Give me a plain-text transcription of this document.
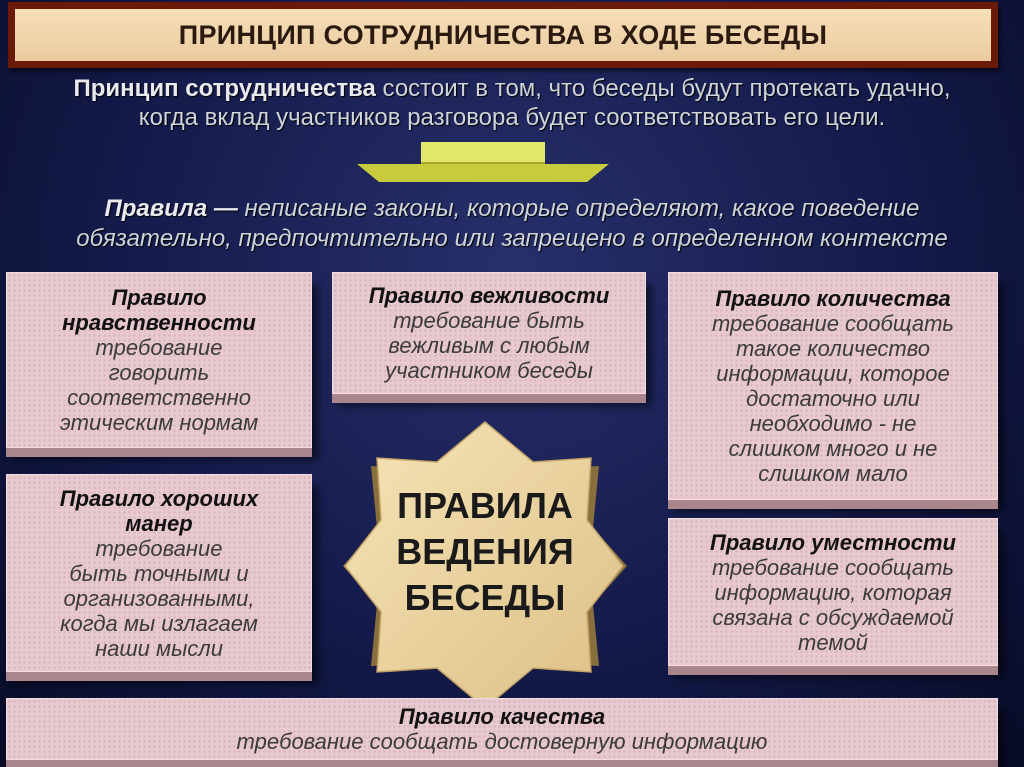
ПРИНЦИП СОТРУДНИЧЕСТВА В ХОДЕ БЕСЕДЫ
Принцип сотрудничества состоит в том, что беседы будут протекать удачно,
когда вклад участников разговора будет соответствовать его цели.
Правила — неписаные законы, которые определяют, какое поведение
обязательно, предпочтительно или запрещено в определенном контексте
Правило
нравственности
требование
говорить
соответственно
этическим нормам
Правило вежливости
требование быть
вежливым с любым
участником беседы
Правило количества
требование сообщать
такое количество
информации, которое
достаточно или
необходимо - не
слишком много и не
слишком мало
Правило хороших
манер
требование
быть точными и
организованными,
когда мы излагаем
наши мысли
Правило уместности
требование сообщать
информацию, которая
связана с обсуждаемой
темой
ПРАВИЛА
ВЕДЕНИЯ
БЕСЕДЫ
Правило качества
требование сообщать достоверную информацию
